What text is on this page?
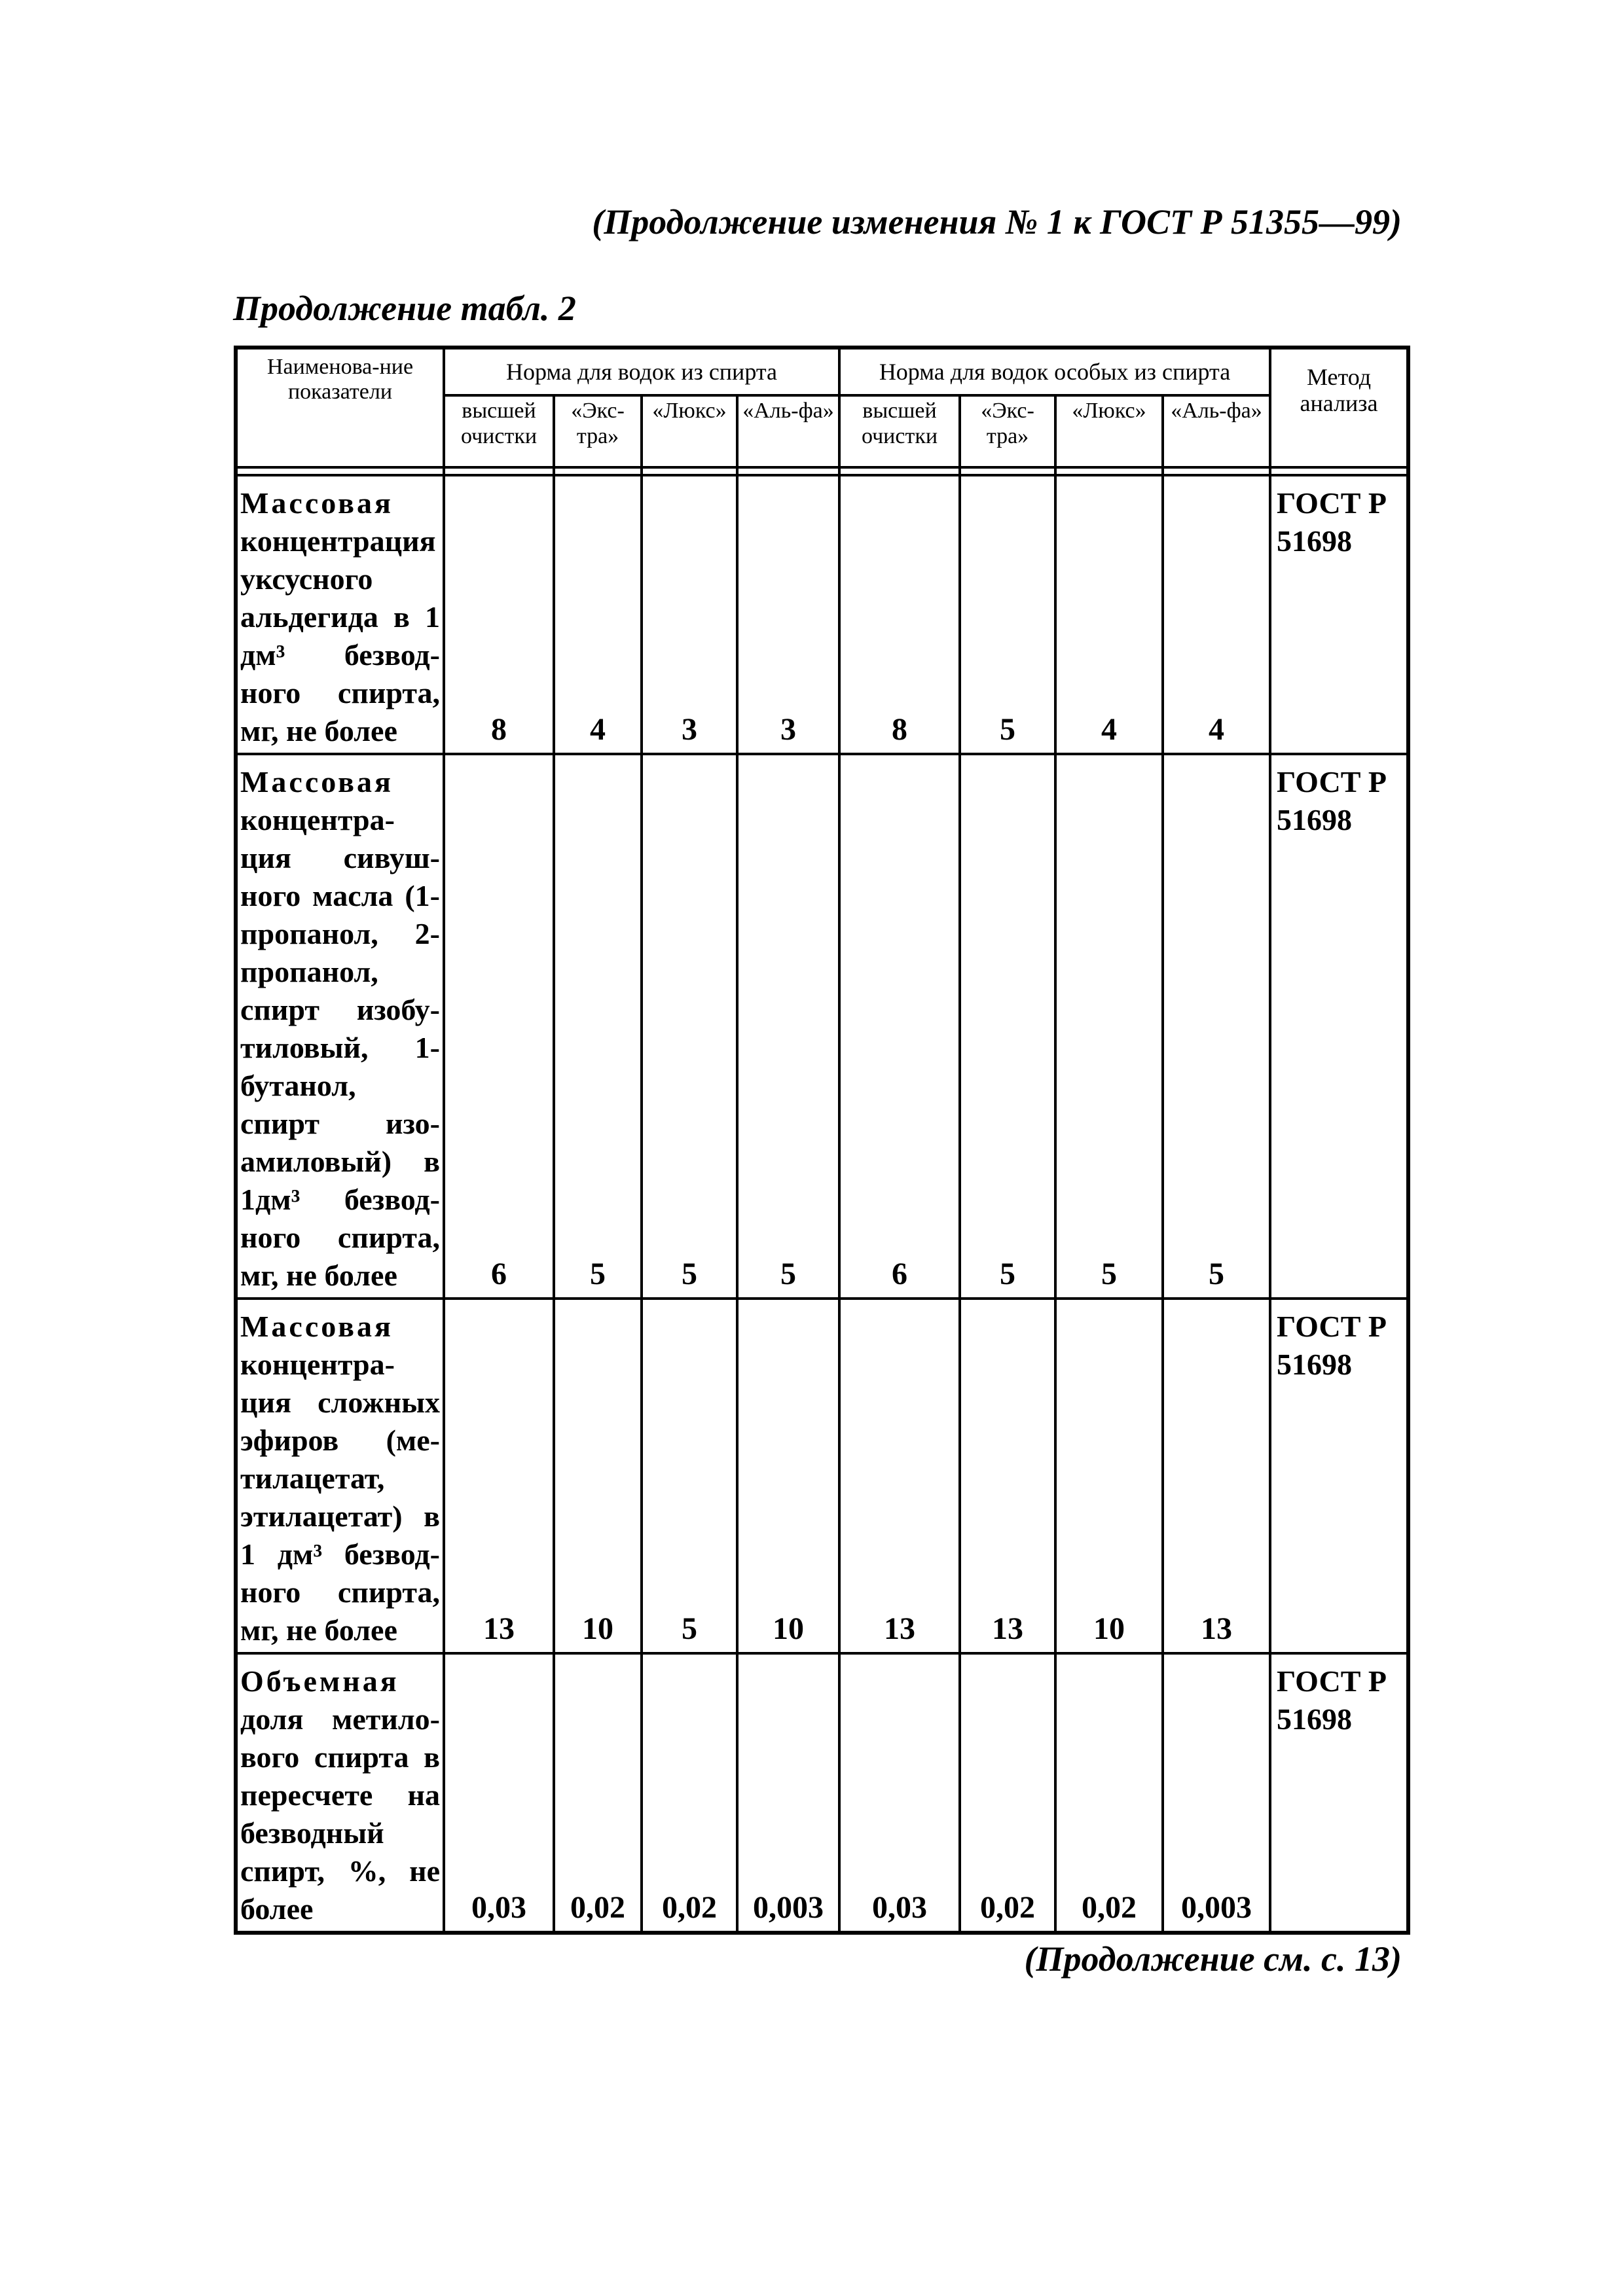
(Продолжение изменения № 1 к ГОСТ Р 51355—99)
Продолжение табл. 2
Наименова-ние показатели	Норма для водок из спирта				Норма для водок особых из спирта				Метод анализа
	высшей очистки	«Экс-тра»	«Люкс»	«Аль-фа»	высшей очистки	«Экс-тра»	«Люкс»	«Аль-фа»	

Массовая
концентрация уксусного альдегида в 1 дм³ безвод-ного спирта, мг, не более	8	4	3	3	8	5	4	4	ГОСТ Р 51698

Массовая
концентра-ция сивуш-ного масла (1-пропанол, 2-пропанол, спирт изобу-тиловый, 1-бутанол, спирт изо-амиловый) в 1дм³ безвод-ного спирта, мг, не более	6	5	5	5	6	5	5	5	ГОСТ Р 51698

Массовая
концентра-ция сложных эфиров (ме-тилацетат, этилацетат) в 1 дм³ безвод-ного спирта, мг, не более	13	10	5	10	13	13	10	13	ГОСТ Р 51698

Объемная
доля метило-вого спирта в пересчете на безводный спирт, %, не более	0,03	0,02	0,02	0,003	0,03	0,02	0,02	0,003	ГОСТ Р 51698
(Продолжение см. с. 13)
